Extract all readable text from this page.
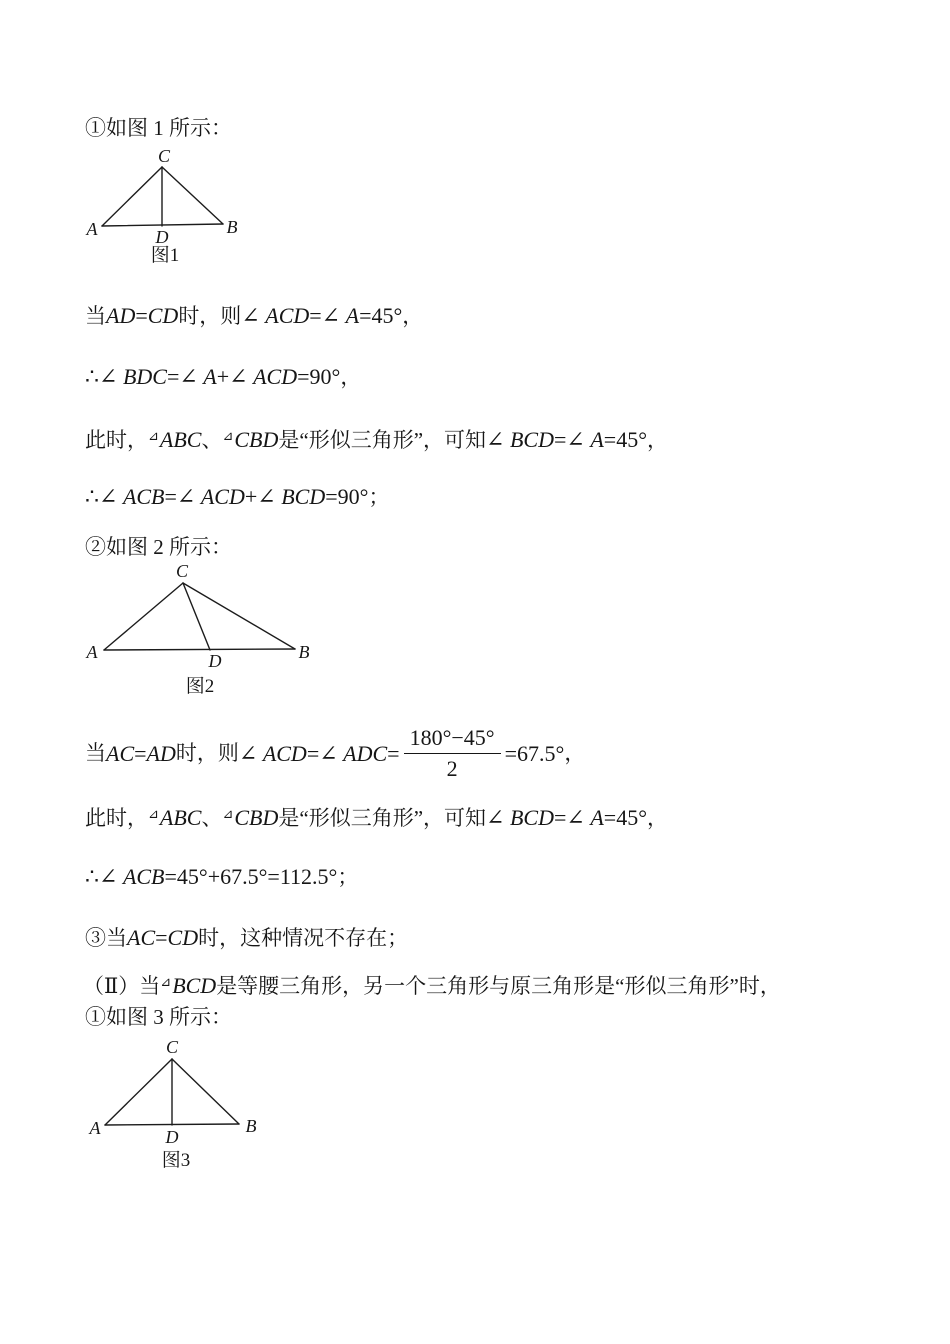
①如图 1 所示：
当AD=CD时，则∠ ACD=∠ A=45°，
∴∠ BDC=∠ A+∠ ACD=90°，
此时，⊿ABC、⊿CBD是“形似三角形”，可知∠ BCD=∠ A=45°，
∴∠ ACB=∠ ACD+∠ BCD=90°；
②如图 2 所示：
当 AC = AD 时，则 ∠ ACD = ∠ ADC = $\frac{180^\circ-45^\circ}{2} =67.5^\circ$ ，
此时，⊿ABC、⊿CBD是“形似三角形”，可知∠ BCD=∠ A=45°，
∴∠ ACB=45°+67.5°=112.5°；
③当AC=CD时，这种情况不存在；
（Ⅱ）当⊿BCD是等腰三角形，另一个三角形与原三角形是“形似三角形”时，
①如图 3 所示：
A	B
C
D
图1
A	B
C
D
图2
A	B
C
D
图3
